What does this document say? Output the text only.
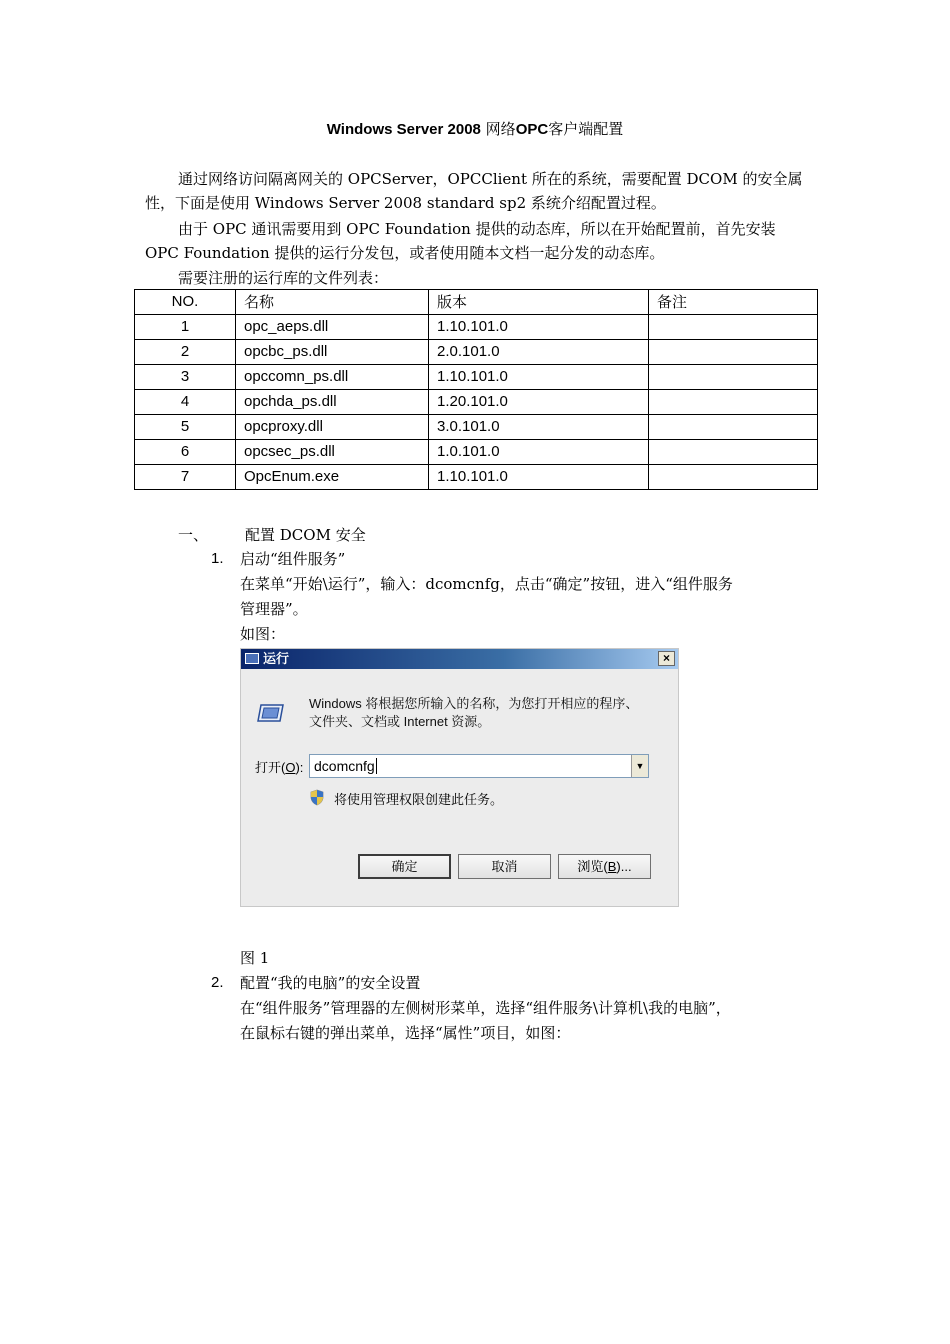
Windows Server 2008 网络OPC客户端配置
通过网络访问隔离网关的 OPCServer，OPCClient 所在的系统，需要配置 DCOM 的安全属
性，下面是使用 Windows Server 2008 standard sp2 系统介绍配置过程。
由于 OPC 通讯需要用到 OPC Foundation 提供的动态库，所以在开始配置前，首先安装
OPC Foundation 提供的运行分发包，或者使用随本文档一起分发的动态库。
需要注册的运行库的文件列表：
NO.	名称	版本	备注
1	opc_aeps.dll	1.10.101.0	
2	opcbc_ps.dll	2.0.101.0	
3	opccomn_ps.dll	1.10.101.0	
4	opchda_ps.dll	1.20.101.0	
5	opcproxy.dll	3.0.101.0	
6	opcsec_ps.dll	1.0.101.0	
7	OpcEnum.exe	1.10.101.0	
一、 配置 DCOM 安全
1. 启动“组件服务”
在菜单“开始\运行”，输入：dcomcnfg，点击“确定”按钮，进入“组件服务
管理器”。
如图：
运行	×
Windows 将根据您所输入的名称，为您打开相应的程序、
文件夹、文档或 Internet 资源。
打开(O): dcomcnfg	▼
将使用管理权限创建此任务。
确定	取消	浏览(B)...
图 1
2. 配置“我的电脑”的安全设置
在“组件服务”管理器的左侧树形菜单，选择“组件服务\计算机\我的电脑”，
在鼠标右键的弹出菜单，选择“属性”项目，如图：
